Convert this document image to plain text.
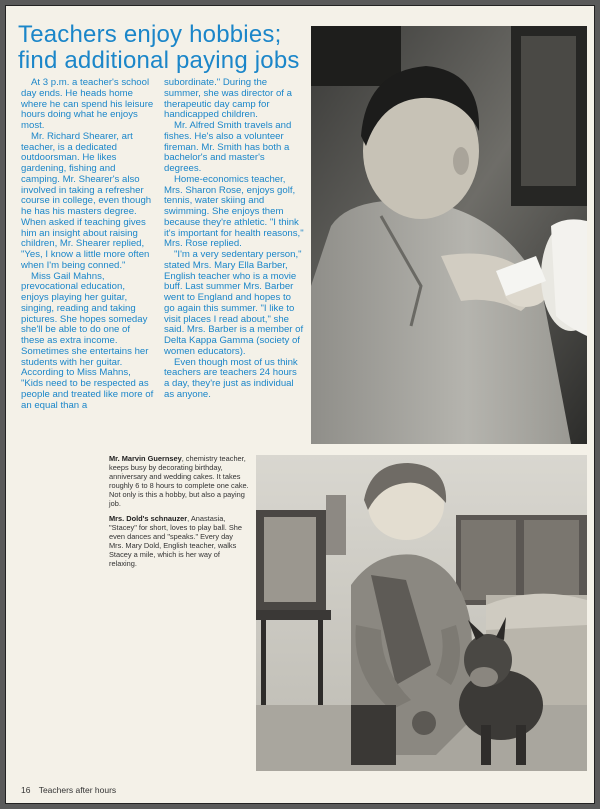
Teachers enjoy hobbies;
find additional paying jobs

At 3 p.m. a teacher's school day ends. He heads home where he can spend his leisure hours doing what he enjoys most.

Mr. Richard Shearer, art teacher, is a dedicated outdoorsman. He likes gardening, fishing and camping. Mr. Shearer's also involved in taking a refresher course in college, even though he has his masters degree. When asked if teaching gives him an insight about raising children, Mr. Shearer replied, "Yes, I know a little more often when I'm being conned."

Miss Gail Mahns, prevocational education, enjoys playing her guitar, singing, reading and taking pictures. She hopes someday she'll be able to do one of these as extra income. Sometimes she entertains her students with her guitar. According to Miss Mahns, "Kids need to be respected as people and treated like more of an equal than a

subordinate." During the summer, she was director of a therapeutic day camp for handicapped children.

Mr. Alfred Smith travels and fishes. He's also a volunteer fireman. Mr. Smith has both a bachelor's and master's degrees.

Home-economics teacher, Mrs. Sharon Rose, enjoys golf, tennis, water skiing and swimming. She enjoys them because they're athletic. "I think it's important for health reasons," Mrs. Rose replied.

"I'm a very sedentary person," stated Mrs. Mary Ella Barber, English teacher who is a movie buff. Last summer Mrs. Barber went to England and hopes to go again this summer. "I like to visit places I read about," she said. Mrs. Barber is a member of Delta Kappa Gamma (society of women educators).

Even though most of us think teachers are teachers 24 hours a day, they're just as individual as anyone.

Mr. Marvin Guernsey, chemistry teacher, keeps busy by decorating birthday, anniversary and wedding cakes. It takes roughly 6 to 8 hours to complete one cake. Not only is this a hobby, but also a paying job.

Mrs. Dold's schnauzer, Anastasia, "Stacey" for short, loves to play ball. She even dances and "speaks." Every day Mrs. Mary Dold, English teacher, walks Stacey a mile, which is her way of relaxing.

16 Teachers after hours
